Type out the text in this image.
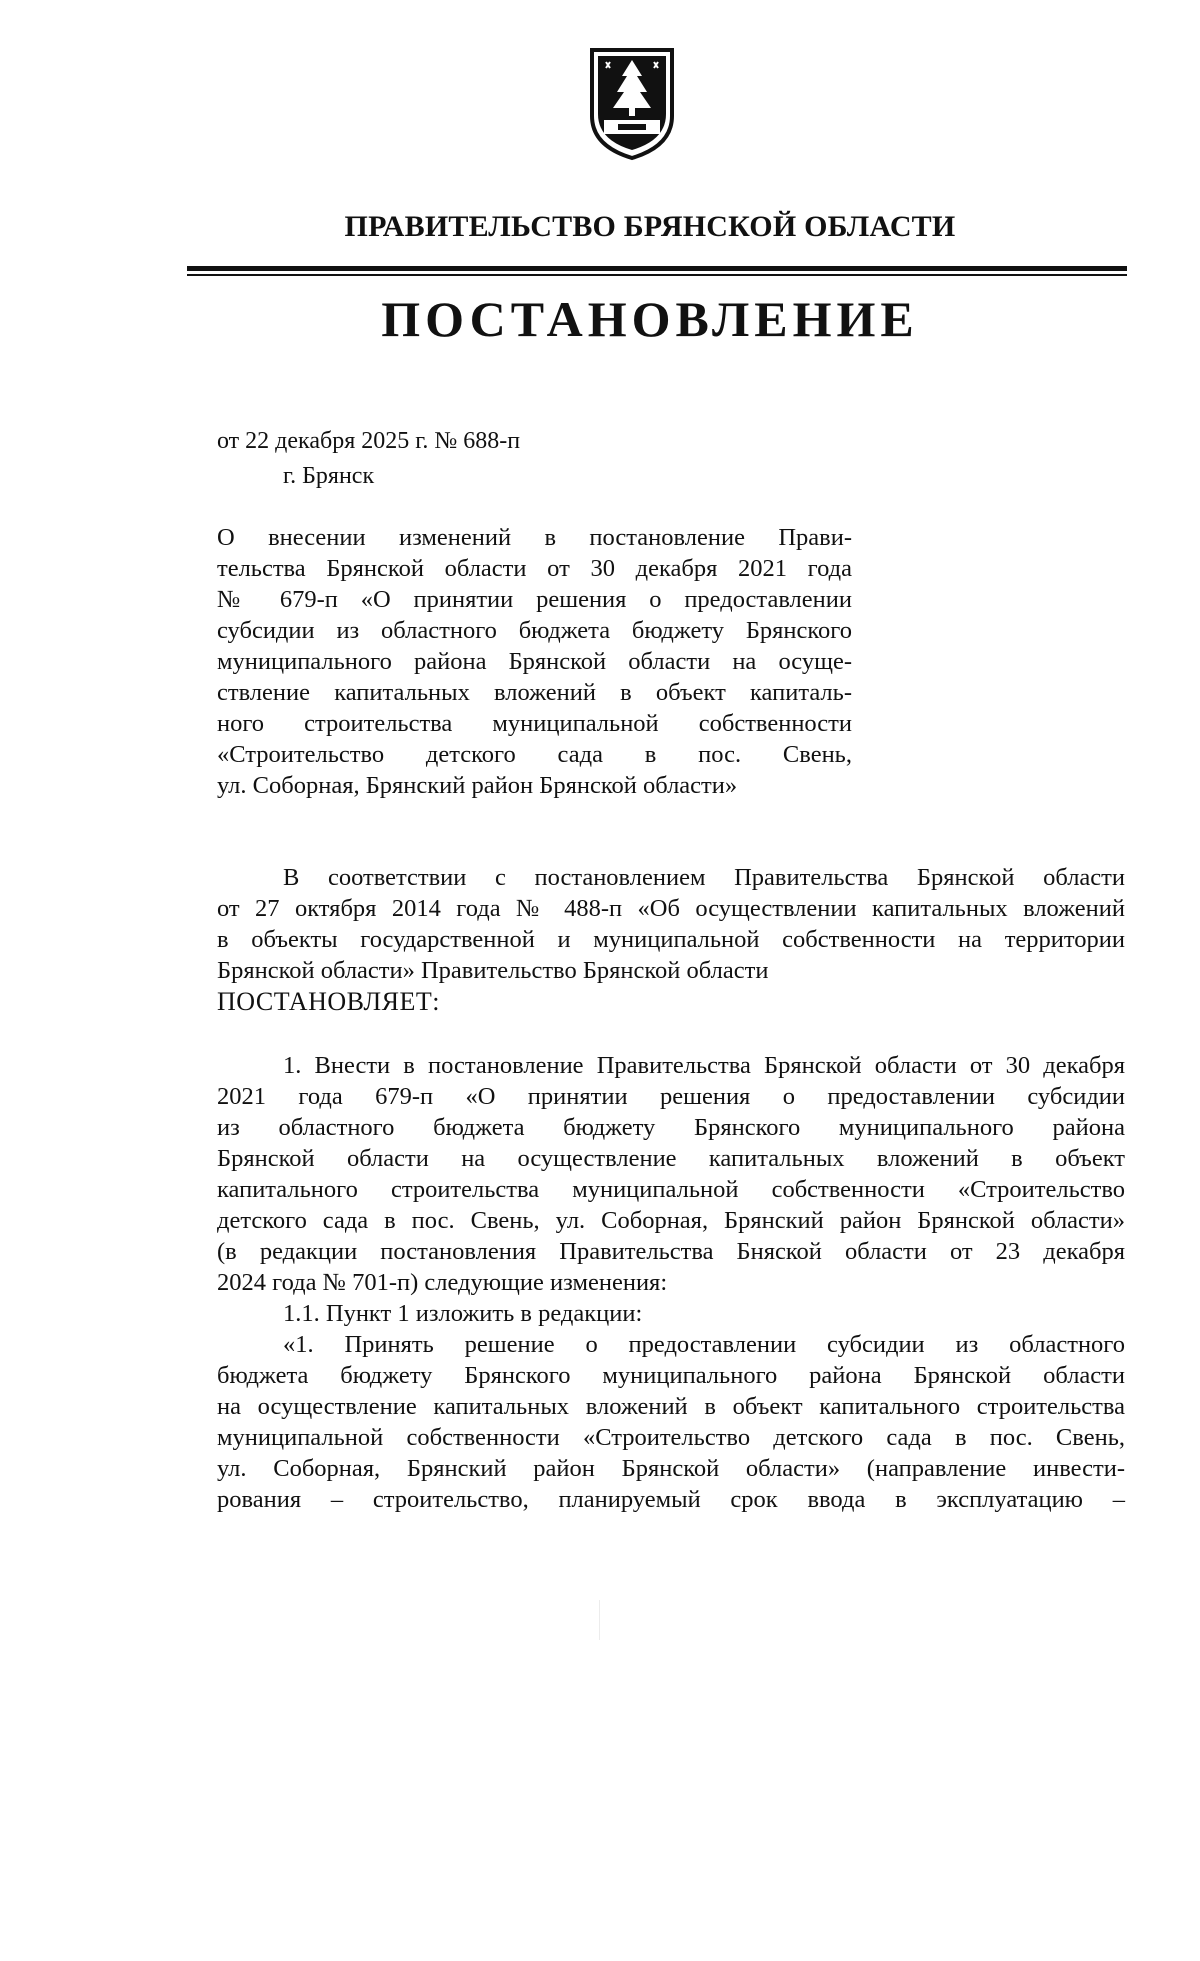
ПРАВИТЕЛЬСТВО БРЯНСКОЙ ОБЛАСТИ
ПОСТАНОВЛЕНИЕ
от 22 декабря 2025 г. № 688-п
г. Брянск
О внесении изменений в постановление Прави-
тельства Брянской области от 30 декабря 2021 года
№ 679-п «О принятии решения о предоставлении
субсидии из областного бюджета бюджету Брянского
муниципального района Брянской области на осуще-
ствление капитальных вложений в объект капиталь-
ного строительства муниципальной собственности
«Строительство детского сада в пос. Свень,
ул. Соборная, Брянский район Брянской области»
В соответствии с постановлением Правительства Брянской области
от 27 октября 2014 года № 488-п «Об осуществлении капитальных вложений
в объекты государственной и муниципальной собственности на территории
Брянской области» Правительство Брянской области
ПОСТАНОВЛЯЕТ:
1. Внести в постановление Правительства Брянской области от 30 декабря
2021 года 679-п «О принятии решения о предоставлении субсидии
из областного бюджета бюджету Брянского муниципального района
Брянской области на осуществление капитальных вложений в объект
капитального строительства муниципальной собственности «Строительство
детского сада в пос. Свень, ул. Соборная, Брянский район Брянской области»
(в редакции постановления Правительства Бняской области от 23 декабря
2024 года № 701-п) следующие изменения:
1.1. Пункт 1 изложить в редакции:
«1. Принять решение о предоставлении субсидии из областного
бюджета бюджету Брянского муниципального района Брянской области
на осуществление капитальных вложений в объект капитального строительства
муниципальной собственности «Строительство детского сада в пос. Свень,
ул. Соборная, Брянский район Брянской области» (направление инвести-
рования – строительство, планируемый срок ввода в эксплуатацию –
